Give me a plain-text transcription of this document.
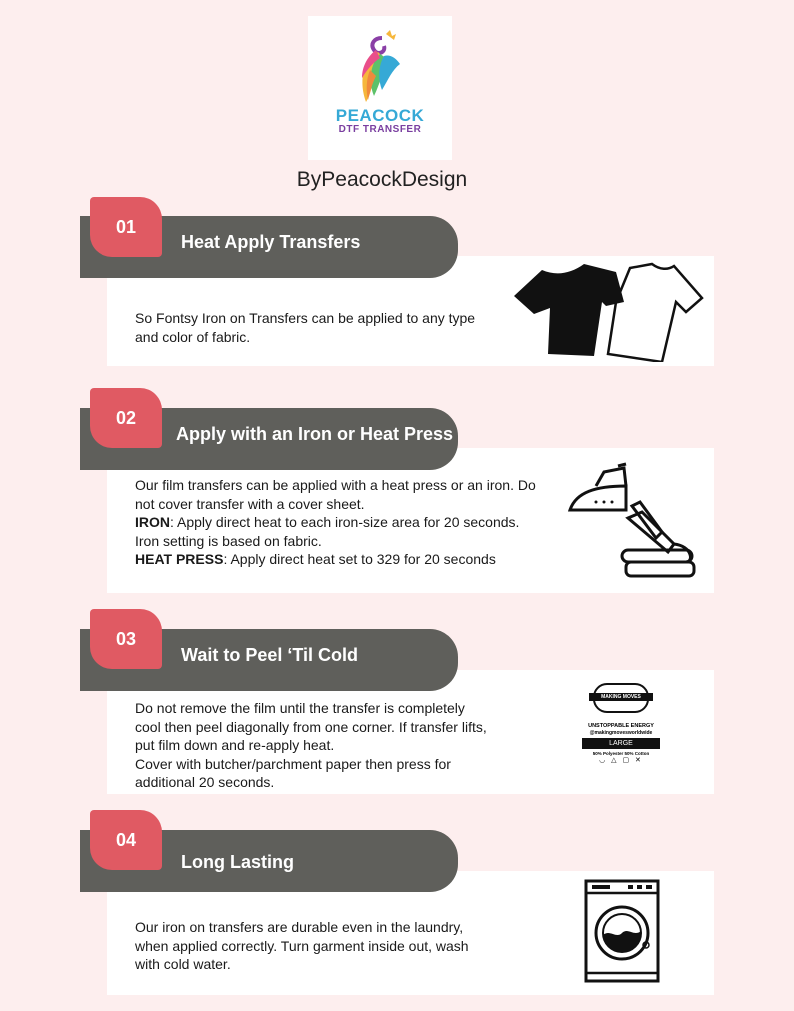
PEACOCK
DTF TRANSFER
ByPeacockDesign
01
Heat Apply Transfers

So Fontsy Iron on Transfers can be applied to any type

and color of fabric.

02
Apply with an Iron or Heat Press

Our film transfers can be applied with a heat press or an iron. Do

not cover transfer with a cover sheet.

IRON: Apply direct heat to each iron-size area for 20 seconds.

Iron setting is based on fabric.

HEAT PRESS: Apply direct heat set to 329 for 20 seconds

03
Wait to Peel ‘Til Cold

Do not remove the film until the transfer is completely

cool then peel diagonally from one corner. If transfer lifts,

put film down and re-apply heat.

Cover with butcher/parchment paper then press for

additional 20 seconds.

MAKING MOVES
UNSTOPPABLE ENERGY
@makingmovesworldwide
LARGE
50% Polyester 50% Cotton
◡ △ ▢ ✕
04
Long Lasting

Our iron on transfers are durable even in the laundry,

when applied correctly. Turn garment inside out, wash

with cold water.
